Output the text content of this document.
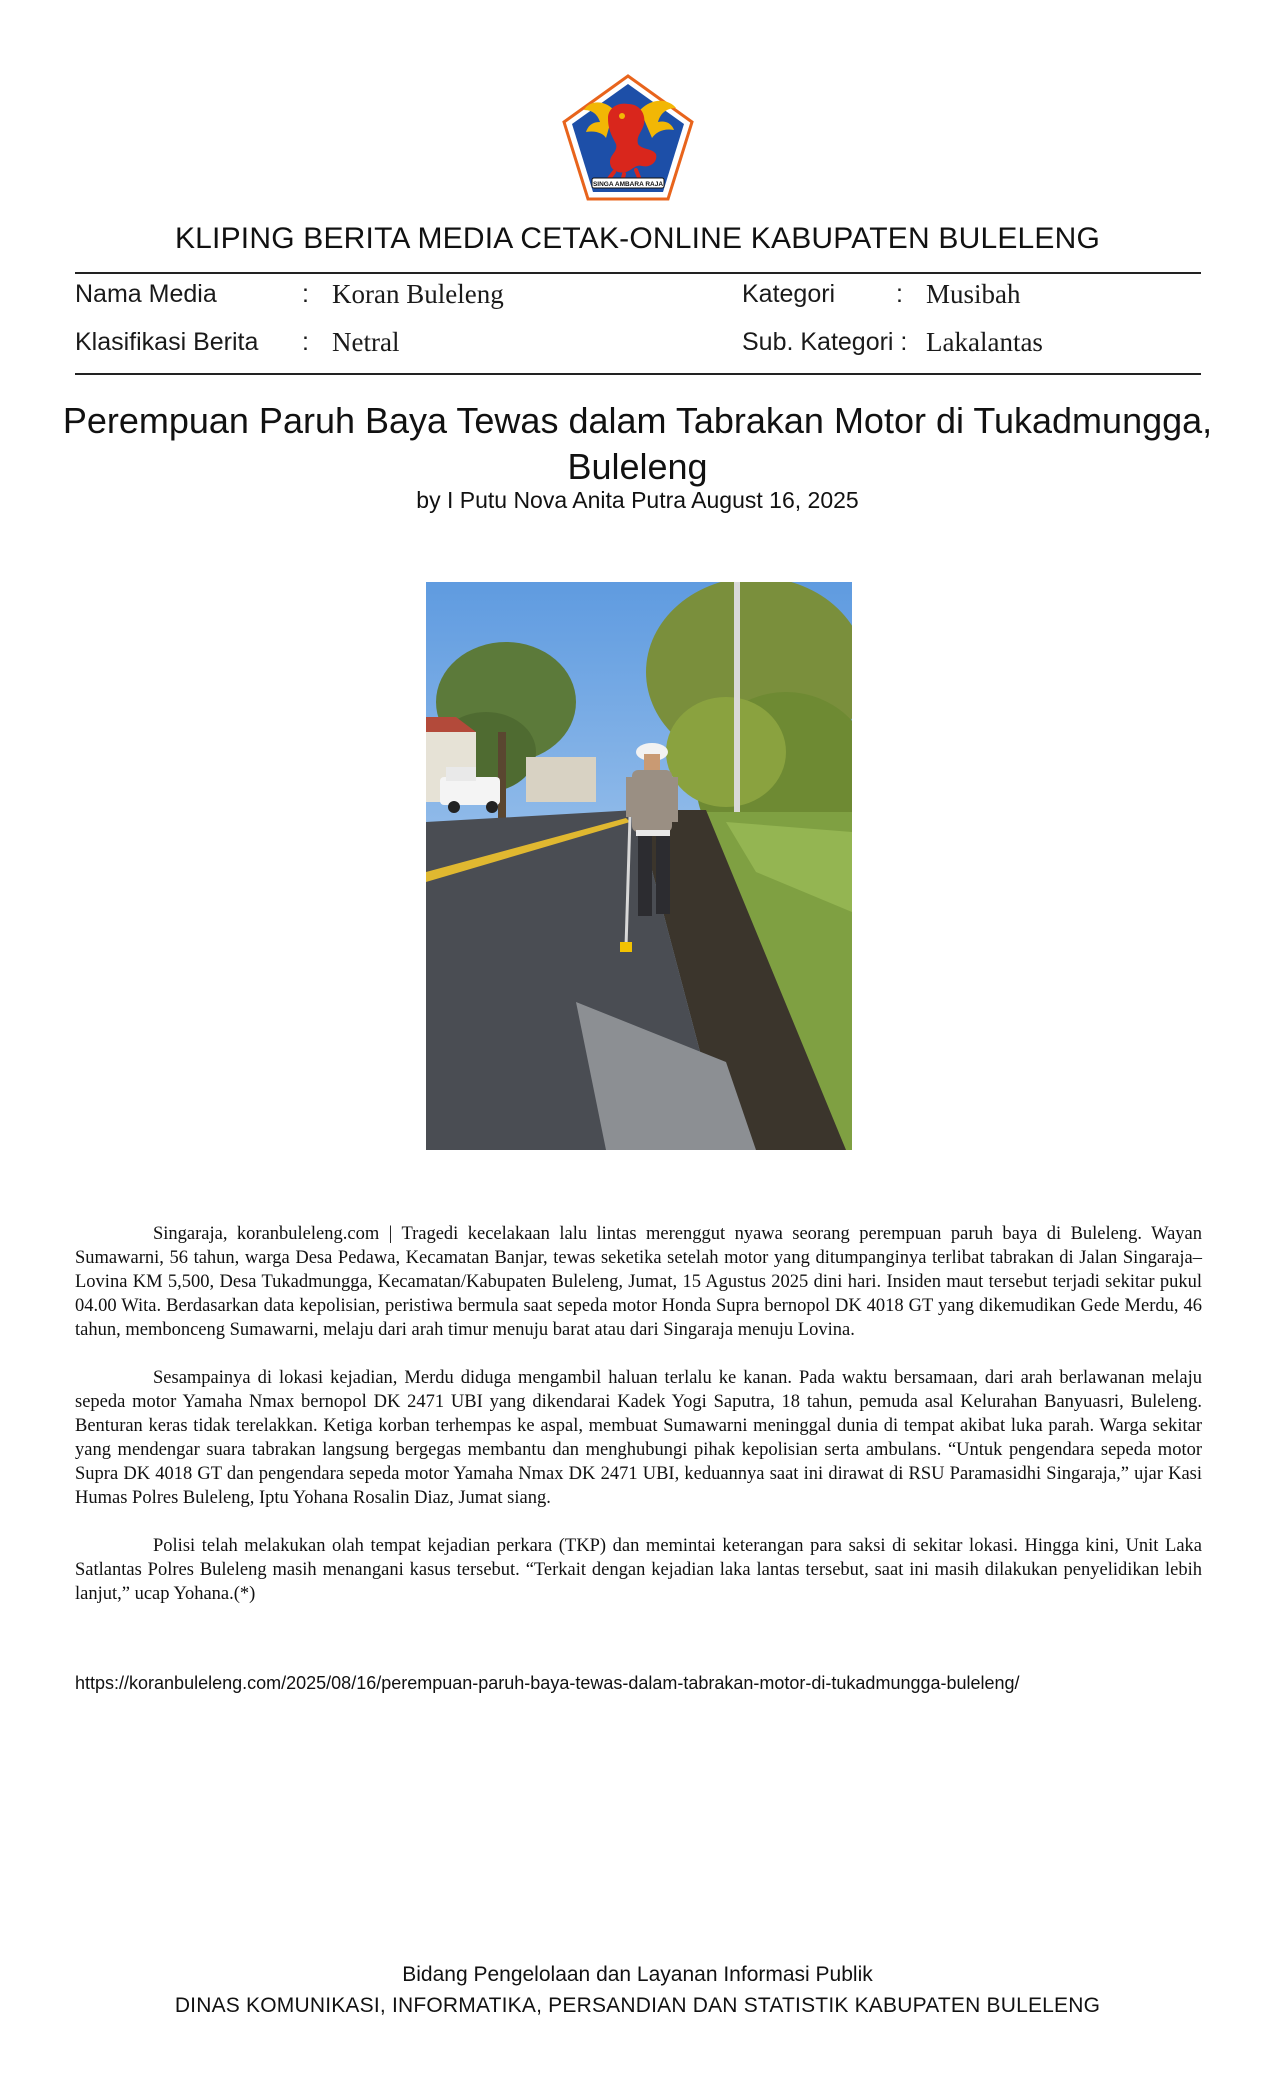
SINGA AMBARA RAJA
KLIPING BERITA MEDIA CETAK-ONLINE KABUPATEN BULELENG
Nama Media	: Koran Buleleng
Klasifikasi Berita : Netral
Kategori : Musibah
Sub. Kategori : Lakalantas
Perempuan Paruh Baya Tewas dalam Tabrakan Motor di Tukadmungga, Buleleng
by I Putu Nova Anita Putra August 16, 2025

Singaraja, koranbuleleng.com | Tragedi kecelakaan lalu lintas merenggut nyawa seorang perempuan paruh baya di Buleleng. Wayan Sumawarni, 56 tahun, warga Desa Pedawa, Kecamatan Banjar, tewas seketika setelah motor yang ditumpanginya terlibat tabrakan di Jalan Singaraja–Lovina KM 5,500, Desa Tukadmungga, Kecamatan/Kabupaten Buleleng, Jumat, 15 Agustus 2025 dini hari. Insiden maut tersebut terjadi sekitar pukul 04.00 Wita. Berdasarkan data kepolisian, peristiwa bermula saat sepeda motor Honda Supra bernopol DK 4018 GT yang dikemudikan Gede Merdu, 46 tahun, membonceng Sumawarni, melaju dari arah timur menuju barat atau dari Singaraja menuju Lovina.

Sesampainya di lokasi kejadian, Merdu diduga mengambil haluan terlalu ke kanan. Pada waktu bersamaan, dari arah berlawanan melaju sepeda motor Yamaha Nmax bernopol DK 2471 UBI yang dikendarai Kadek Yogi Saputra, 18 tahun, pemuda asal Kelurahan Banyuasri, Buleleng. Benturan keras tidak terelakkan. Ketiga korban terhempas ke aspal, membuat Sumawarni meninggal dunia di tempat akibat luka parah. Warga sekitar yang mendengar suara tabrakan langsung bergegas membantu dan menghubungi pihak kepolisian serta ambulans. “Untuk pengendara sepeda motor Supra DK 4018 GT dan pengendara sepeda motor Yamaha Nmax DK 2471 UBI, keduannya saat ini dirawat di RSU Paramasidhi Singaraja,” ujar Kasi Humas Polres Buleleng, Iptu Yohana Rosalin Diaz, Jumat siang.

Polisi telah melakukan olah tempat kejadian perkara (TKP) dan memintai keterangan para saksi di sekitar lokasi. Hingga kini, Unit Laka Satlantas Polres Buleleng masih menangani kasus tersebut. “Terkait dengan kejadian laka lantas tersebut, saat ini masih dilakukan penyelidikan lebih lanjut,” ucap Yohana.(*)

https://koranbuleleng.com/2025/08/16/perempuan-paruh-baya-tewas-dalam-tabrakan-motor-di-tukadmungga-buleleng/
Bidang Pengelolaan dan Layanan Informasi Publik
DINAS KOMUNIKASI, INFORMATIKA, PERSANDIAN DAN STATISTIK KABUPATEN BULELENG
